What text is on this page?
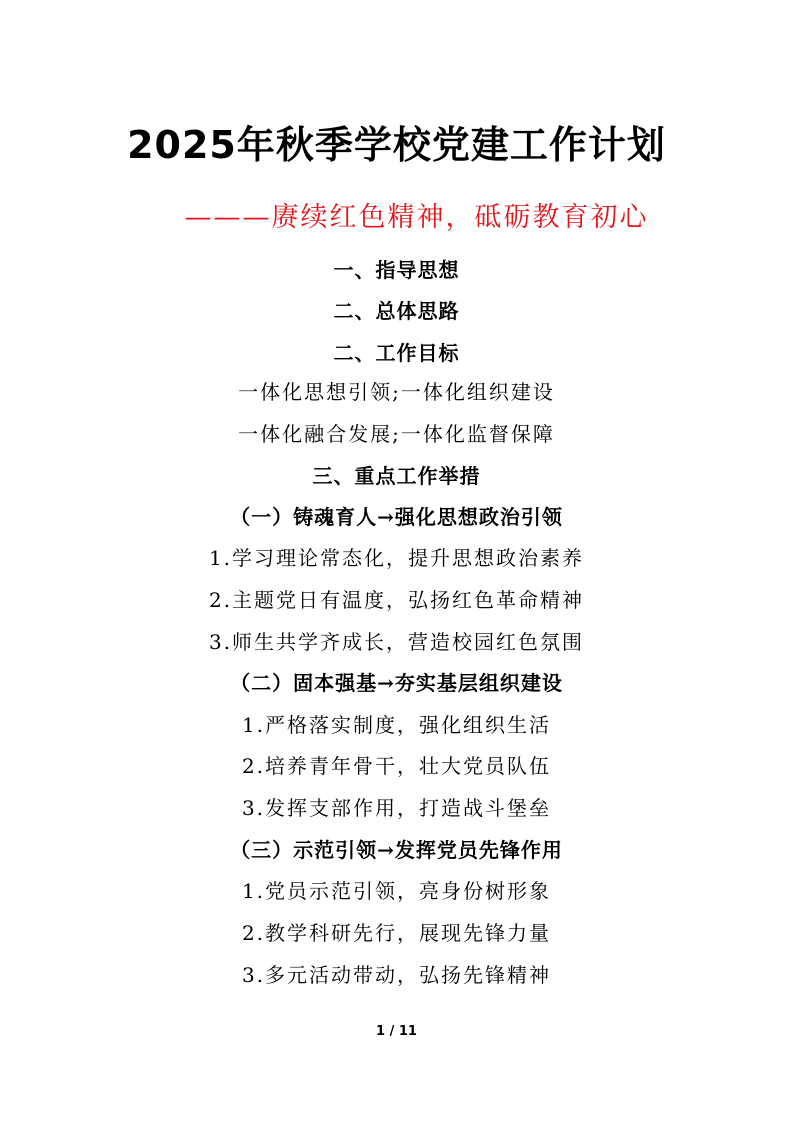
2025年秋季学校党建工作计划
———赓续红色精神，砥砺教育初心
一、指导思想
二、总体思路
二、工作目标
一体化思想引领;一体化组织建设
一体化融合发展;一体化监督保障
三、重点工作举措
（一）铸魂育人→强化思想政治引领
1.学习理论常态化，提升思想政治素养
2.主题党日有温度，弘扬红色革命精神
3.师生共学齐成长，营造校园红色氛围
（二）固本强基→夯实基层组织建设
1.严格落实制度，强化组织生活
2.培养青年骨干，壮大党员队伍
3.发挥支部作用，打造战斗堡垒
（三）示范引领→发挥党员先锋作用
1.党员示范引领，亮身份树形象
2.教学科研先行，展现先锋力量
3.多元活动带动，弘扬先锋精神
1 / 11
